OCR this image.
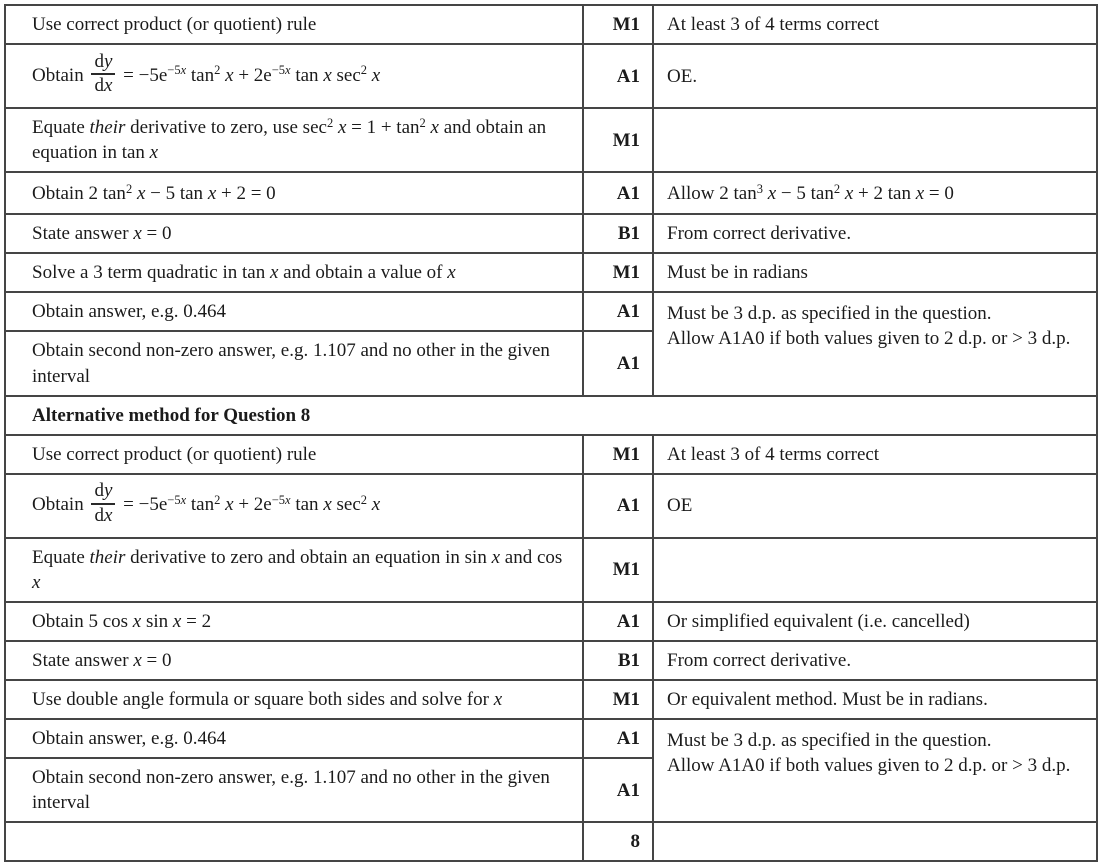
Use correct product (or quotient) rule	M1	At least 3 of 4 terms correct
Obtain $\frac{dy}{dx} = -5e^{-5x}$ $\tan^2 x + 2e^{-5x}$ tan x $\sec^2 x$	A1	OE.
Equate their derivative to zero, use $\sec^2 x = 1 + \tan^2 x$ and obtain an equation in tan x	M1	
Obtain 2 $\tan^2 x - 5$ tan x + 2 = 0	A1	Allow 2 $\tan^3 x - 5$ $\tan^2 x + 2$ tan x = 0
State answer x = 0	B1	From correct derivative.
Solve a 3 term quadratic in tan x and obtain a value of x	M1	Must be in radians
Obtain answer, e.g. 0.464	A1	Must be 3 d.p. as specified in the question.
Allow A1A0 if both values given to 2 d.p. or > 3 d.p.
Obtain second non-zero answer, e.g. 1.107 and no other in the given interval	A1	
Alternative method for Question 8		
Use correct product (or quotient) rule	M1	At least 3 of 4 terms correct
Obtain $\frac{dy}{dx} = -5e^{-5x}$ $\tan^2 x + 2e^{-5x}$ tan x $\sec^2 x$	A1	OE
Equate their derivative to zero and obtain an equation in sin x and cos x	M1	
Obtain 5 cos x sin x = 2	A1	Or simplified equivalent (i.e. cancelled)
State answer x = 0	B1	From correct derivative.
Use double angle formula or square both sides and solve for x	M1	Or equivalent method. Must be in radians.
Obtain answer, e.g. 0.464	A1	Must be 3 d.p. as specified in the question.
Allow A1A0 if both values given to 2 d.p. or > 3 d.p.
Obtain second non-zero answer, e.g. 1.107 and no other in the given interval	A1	
	8	
